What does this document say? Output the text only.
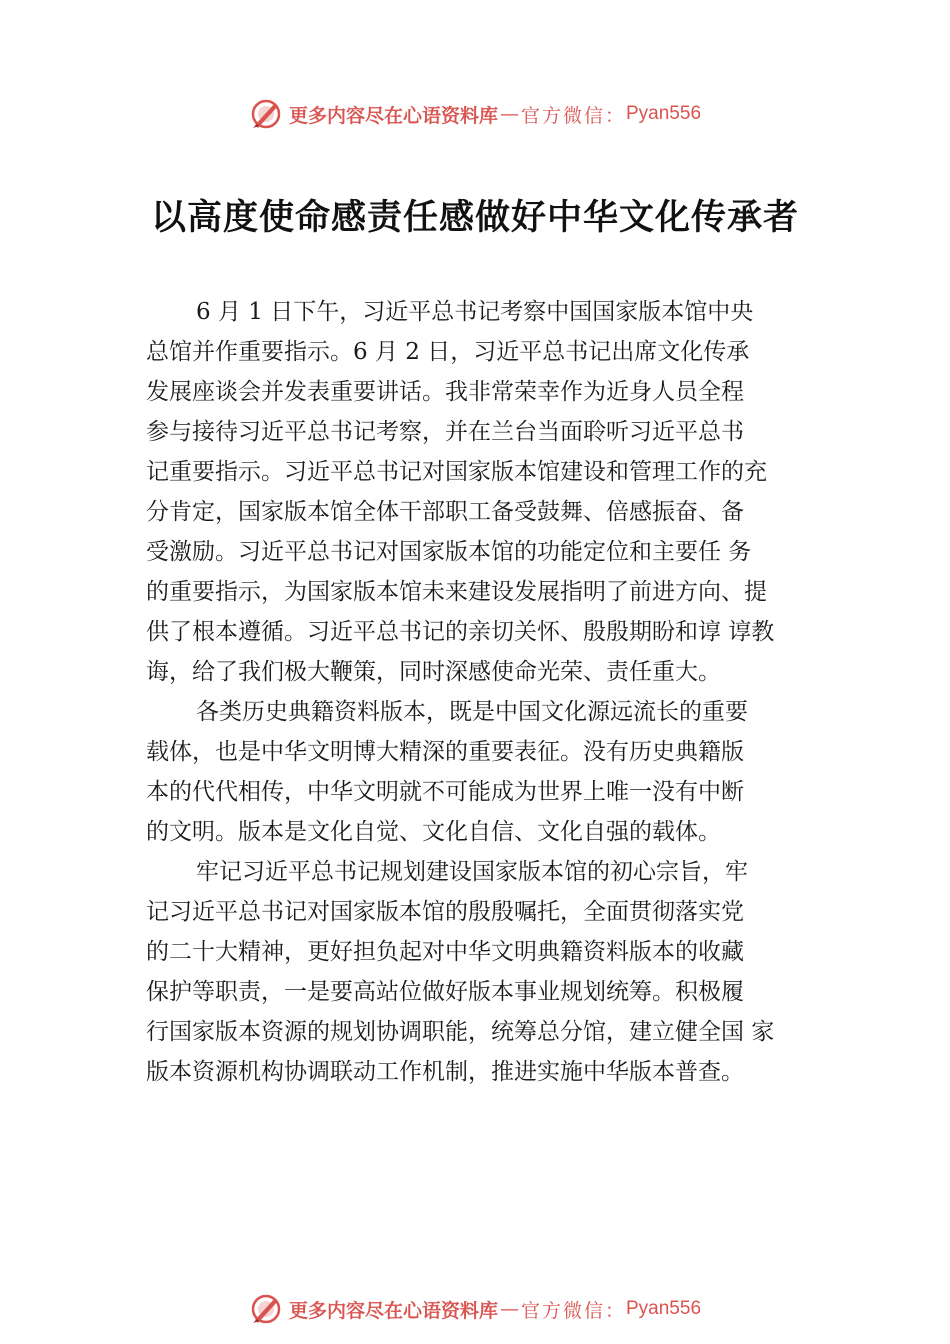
更多内容尽在心语资料库 — 官方微信： Pyan556
以高度使命感责任感做好中华文化传承者
6 月 1 日下午，习近平总书记考察中国国家版本馆中央
总馆并作重要指示。6 月 2 日，习近平总书记出席文化传承
发展座谈会并发表重要讲话。我非常荣幸作为近身人员全程
参与接待习近平总书记考察，并在兰台当面聆听习近平总书
记重要指示。习近平总书记对国家版本馆建设和管理工作的充
分肯定，国家版本馆全体干部职工备受鼓舞、倍感振奋、备
受激励。习近平总书记对国家版本馆的功能定位和主要任 务
的重要指示，为国家版本馆未来建设发展指明了前进方向、提
供了根本遵循。习近平总书记的亲切关怀、殷殷期盼和谆 谆教
诲，给了我们极大鞭策，同时深感使命光荣、责任重大。
各类历史典籍资料版本，既是中国文化源远流长的重要
载体，也是中华文明博大精深的重要表征。没有历史典籍版
本的代代相传，中华文明就不可能成为世界上唯一没有中断
的文明。版本是文化自觉、文化自信、文化自强的载体。
牢记习近平总书记规划建设国家版本馆的初心宗旨，牢
记习近平总书记对国家版本馆的殷殷嘱托，全面贯彻落实党
的二十大精神，更好担负起对中华文明典籍资料版本的收藏
保护等职责，一是要高站位做好版本事业规划统筹。积极履
行国家版本资源的规划协调职能，统筹总分馆，建立健全国 家
版本资源机构协调联动工作机制，推进实施中华版本普查。
更多内容尽在心语资料库 — 官方微信： Pyan556
